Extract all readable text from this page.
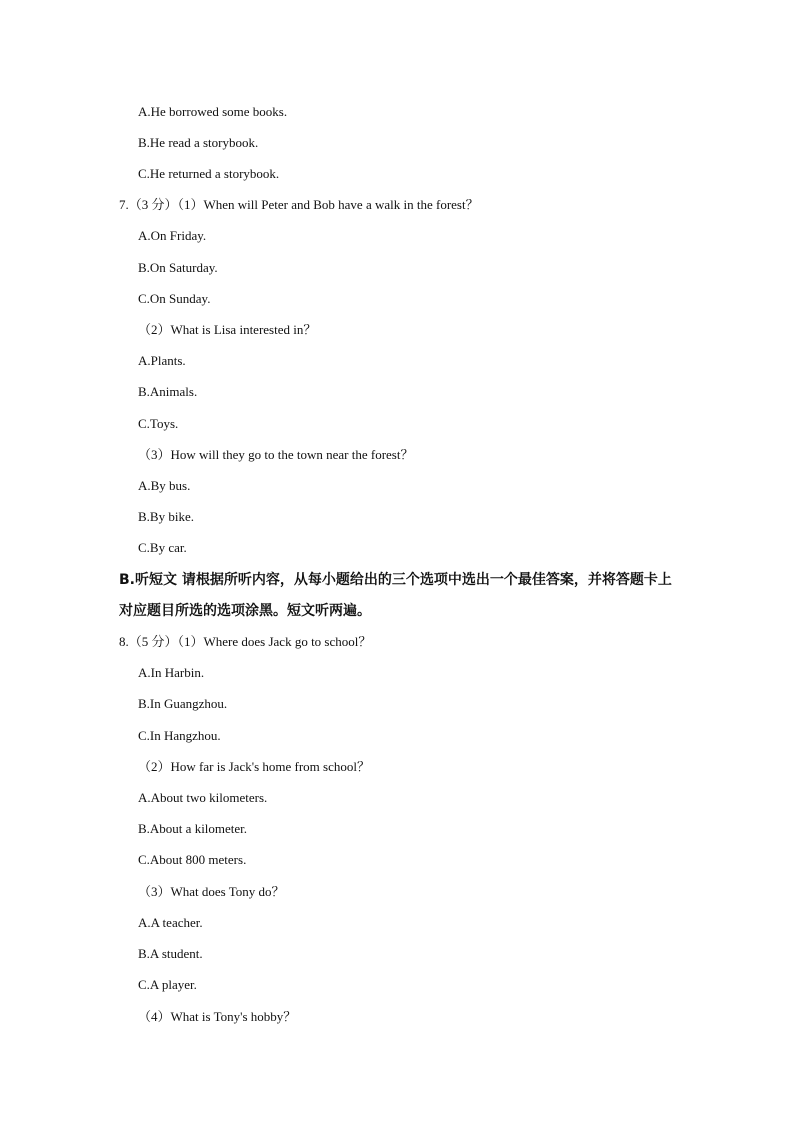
A.He borrowed some books.
B.He read a storybook.
C.He returned a storybook.
7.（3 分）（1）When will Peter and Bob have a walk in the forest？
A.On Friday.
B.On Saturday.
C.On Sunday.
（2）What is Lisa interested in？
A.Plants.
B.Animals.
C.Toys.
（3）How will they go to the town near the forest？
A.By bus.
B.By bike.
C.By car.
B.听短文 请根据所听内容，从每小题给出的三个选项中选出一个最佳答案，并将答题卡上
对应题目所选的选项涂黑。短文听两遍。
8.（5 分）（1）Where does Jack go to school？
A.In Harbin.
B.In Guangzhou.
C.In Hangzhou.
（2）How far is Jack's home from school？
A.About two kilometers.
B.About a kilometer.
C.About 800 meters.
（3）What does Tony do？
A.A teacher.
B.A student.
C.A player.
（4）What is Tony's hobby？
